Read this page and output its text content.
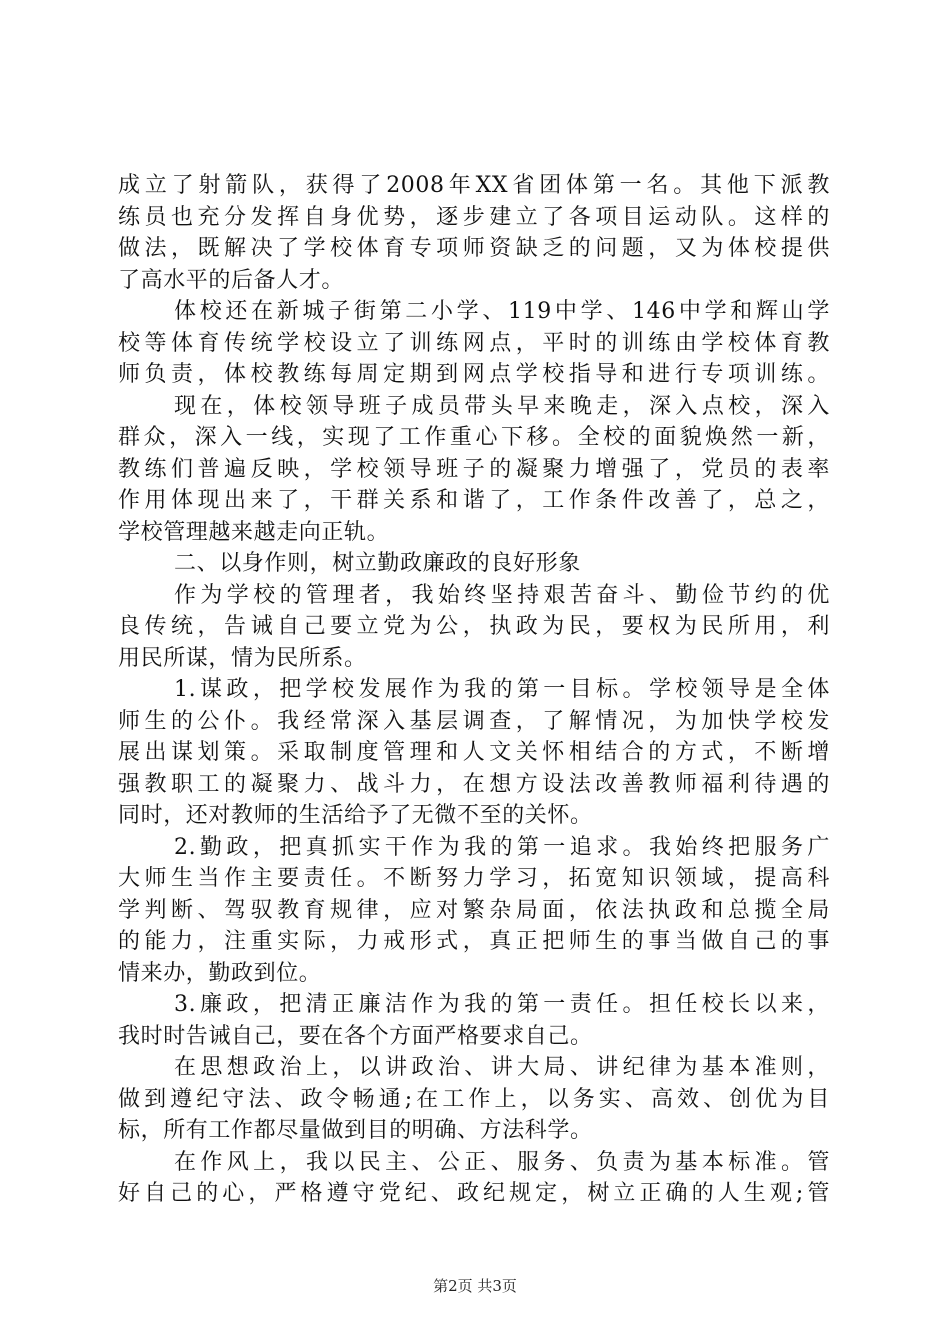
成立了射箭队，获得了2008年XX省团体第一名。其他下派教
练员也充分发挥自身优势，逐步建立了各项目运动队。这样的
做法，既解决了学校体育专项师资缺乏的问题，又为体校提供
了高水平的后备人才。
体校还在新城子街第二小学、119中学、146中学和辉山学
校等体育传统学校设立了训练网点，平时的训练由学校体育教
师负责，体校教练每周定期到网点学校指导和进行专项训练。
现在，体校领导班子成员带头早来晚走，深入点校，深入
群众，深入一线，实现了工作重心下移。全校的面貌焕然一新，
教练们普遍反映，学校领导班子的凝聚力增强了，党员的表率
作用体现出来了，干群关系和谐了，工作条件改善了，总之，
学校管理越来越走向正轨。
二、以身作则，树立勤政廉政的良好形象
作为学校的管理者，我始终坚持艰苦奋斗、勤俭节约的优
良传统，告诫自己要立党为公，执政为民，要权为民所用，利
用民所谋，情为民所系。
1.谋政，把学校发展作为我的第一目标。学校领导是全体
师生的公仆。我经常深入基层调查，了解情况，为加快学校发
展出谋划策。采取制度管理和人文关怀相结合的方式，不断增
强教职工的凝聚力、战斗力，在想方设法改善教师福利待遇的
同时，还对教师的生活给予了无微不至的关怀。
2.勤政，把真抓实干作为我的第一追求。我始终把服务广
大师生当作主要责任。不断努力学习，拓宽知识领域，提高科
学判断、驾驭教育规律，应对繁杂局面，依法执政和总揽全局
的能力，注重实际，力戒形式，真正把师生的事当做自己的事
情来办，勤政到位。
3.廉政，把清正廉洁作为我的第一责任。担任校长以来，
我时时告诫自己，要在各个方面严格要求自己。
在思想政治上，以讲政治、讲大局、讲纪律为基本准则，
做到遵纪守法、政令畅通;在工作上，以务实、高效、创优为目
标，所有工作都尽量做到目的明确、方法科学。
在作风上，我以民主、公正、服务、负责为基本标准。管
好自己的心，严格遵守党纪、政纪规定，树立正确的人生观;管
第2页 共3页
